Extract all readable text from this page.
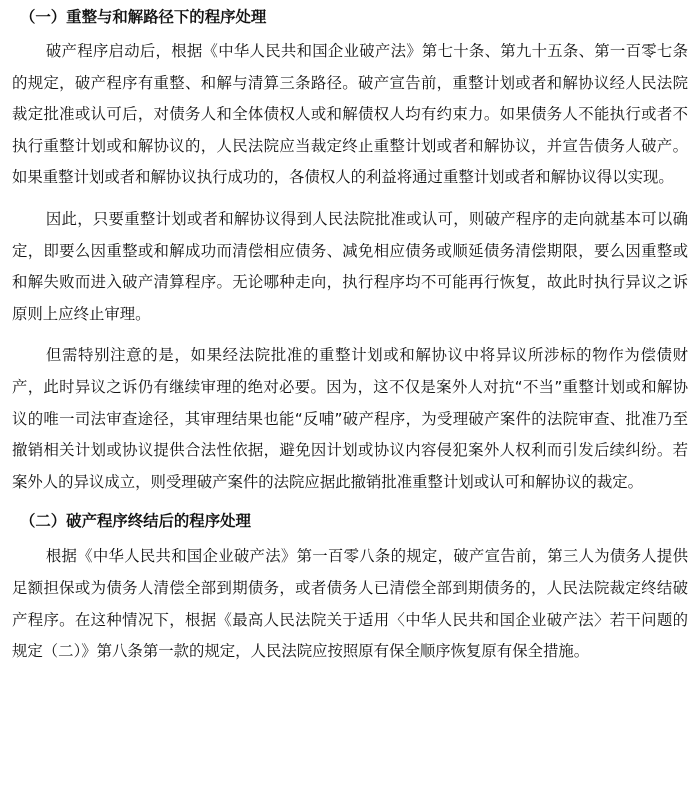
（一）重整与和解路径下的程序处理

破产程序启动后，根据《中华人民共和国企业破产法》第七十条、第九十五条、第一百零七条的规定，破产程序有重整、和解与清算三条路径。破产宣告前，重整计划或者和解协议经人民法院裁定批准或认可后，对债务人和全体债权人或和解债权人均有约束力。如果债务人不能执行或者不执行重整计划或和解协议的，人民法院应当裁定终止重整计划或者和解协议，并宣告债务人破产。如果重整计划或者和解协议执行成功的，各债权人的利益将通过重整计划或者和解协议得以实现。

因此，只要重整计划或者和解协议得到人民法院批准或认可，则破产程序的走向就基本可以确定，即要么因重整或和解成功而清偿相应债务、减免相应债务或顺延债务清偿期限，要么因重整或和解失败而进入破产清算程序。无论哪种走向，执行程序均不可能再行恢复，故此时执行异议之诉原则上应终止审理。

但需特别注意的是，如果经法院批准的重整计划或和解协议中将异议所涉标的物作为偿债财产，此时异议之诉仍有继续审理的绝对必要。因为，这不仅是案外人对抗“不当”重整计划或和解协议的唯一司法审查途径，其审理结果也能“反哺”破产程序，为受理破产案件的法院审查、批准乃至撤销相关计划或协议提供合法性依据，避免因计划或协议内容侵犯案外人权利而引发后续纠纷。若案外人的异议成立，则受理破产案件的法院应据此撤销批准重整计划或认可和解协议的裁定。

（二）破产程序终结后的程序处理

根据《中华人民共和国企业破产法》第一百零八条的规定，破产宣告前，第三人为债务人提供足额担保或为债务人清偿全部到期债务，或者债务人已清偿全部到期债务的，人民法院裁定终结破产程序。在这种情况下，根据《最高人民法院关于适用〈中华人民共和国企业破产法〉若干问题的规定（二）》第八条第一款的规定，人民法院应按照原有保全顺序恢复原有保全措施。
